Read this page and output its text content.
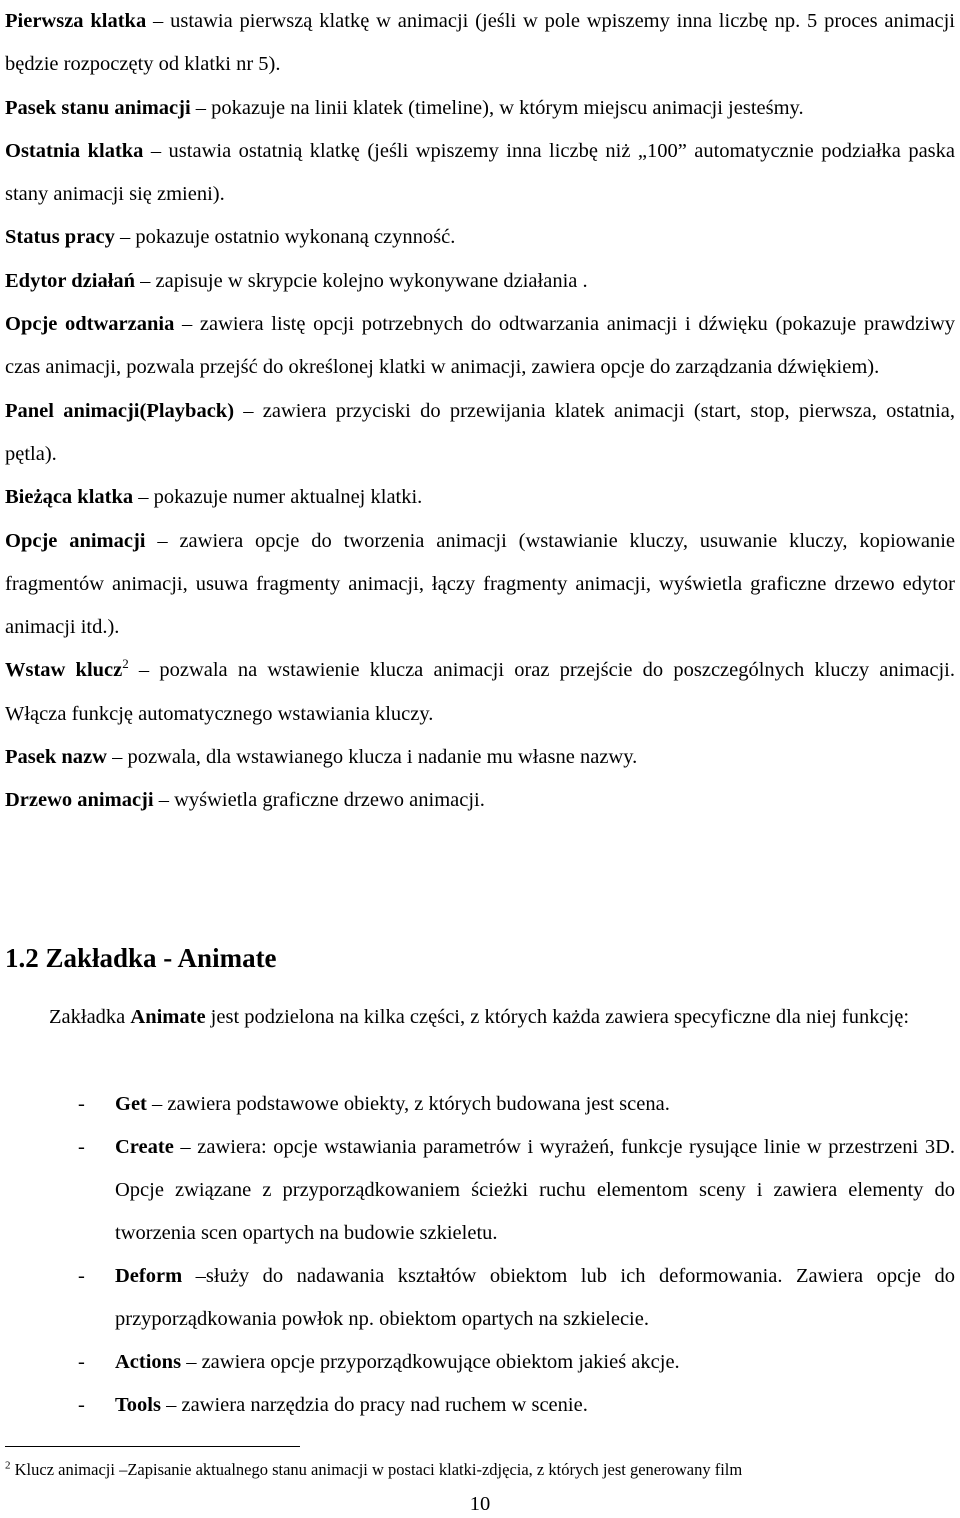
Pierwsza klatka – ustawia pierwszą klatkę w animacji (jeśli w pole wpiszemy inna liczbę np. 5 proces animacji będzie rozpoczęty od klatki nr 5).

Pasek stanu animacji – pokazuje na linii klatek (timeline), w którym miejscu animacji jesteśmy.

Ostatnia klatka – ustawia ostatnią klatkę (jeśli wpiszemy inna liczbę niż „100” automatycznie podziałka paska stany animacji się zmieni).

Status pracy – pokazuje ostatnio wykonaną czynność.

Edytor działań – zapisuje w skrypcie kolejno wykonywane działania .

Opcje odtwarzania – zawiera listę opcji potrzebnych do odtwarzania animacji i dźwięku (pokazuje prawdziwy czas animacji, pozwala przejść do określonej klatki w animacji, zawiera opcje do zarządzania dźwiękiem).

Panel animacji(Playback) – zawiera przyciski do przewijania klatek animacji (start, stop, pierwsza, ostatnia, pętla).

Bieżąca klatka – pokazuje numer aktualnej klatki.

Opcje animacji – zawiera opcje do tworzenia animacji (wstawianie kluczy, usuwanie kluczy, kopiowanie fragmentów animacji, usuwa fragmenty animacji, łączy fragmenty animacji, wyświetla graficzne drzewo edytor animacji itd.).

Wstaw klucz$^2$ – pozwala na wstawienie klucza animacji oraz przejście do poszczególnych kluczy animacji. Włącza funkcję automatycznego wstawiania kluczy.

Pasek nazw – pozwala, dla wstawianego klucza i nadanie mu własne nazwy.

Drzewo animacji – wyświetla graficzne drzewo animacji.

1.2 Zakładka - Animate

Zakładka Animate jest podzielona na kilka części, z których każda zawiera specyficzne dla niej funkcję:

- Get – zawiera podstawowe obiekty, z których budowana jest scena.
- Create – zawiera: opcje wstawiania parametrów i wyrażeń, funkcje rysujące linie w przestrzeni 3D. Opcje związane z przyporządkowaniem ścieżki ruchu elementom sceny i zawiera elementy do tworzenia scen opartych na budowie szkieletu.
- Deform –służy do nadawania kształtów obiektom lub ich deformowania. Zawiera opcje do przyporządkowania powłok np. obiektom opartych na szkielecie.
- Actions – zawiera opcje przyporządkowujące obiektom jakieś akcje.
- Tools – zawiera narzędzia do pracy nad ruchem w scenie.

$^2$ Klucz animacji –Zapisanie aktualnego stanu animacji w postaci klatki-zdjęcia, z których jest generowany film

10
